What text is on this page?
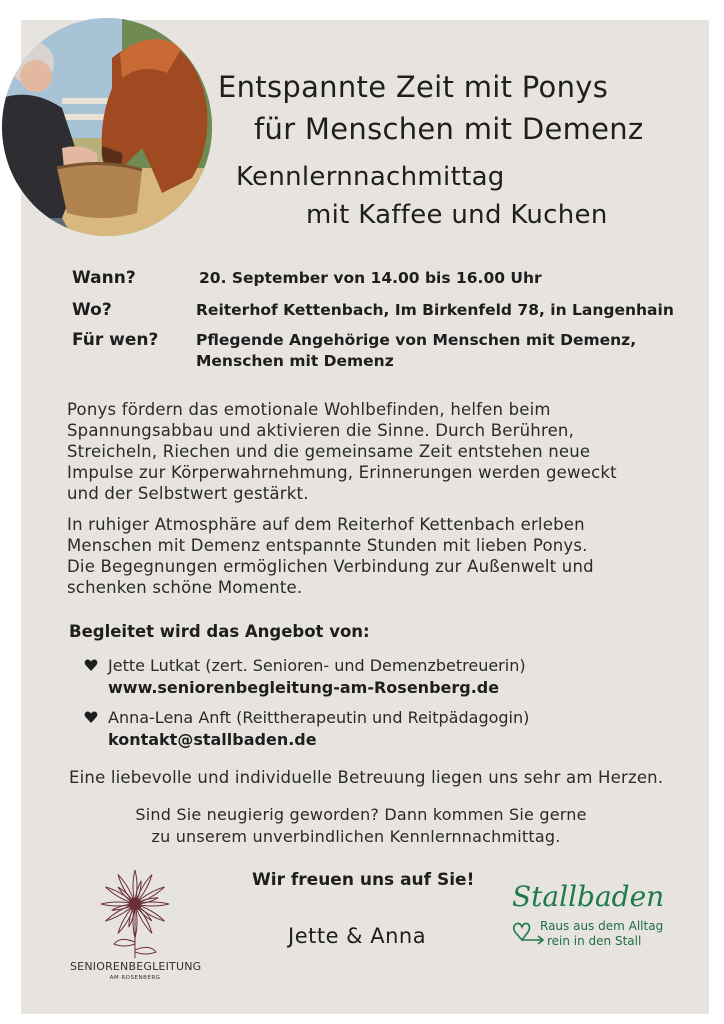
Entspannte Zeit mit Ponys
für Menschen mit Demenz
Kennlernnachmittag
mit Kaffee und Kuchen
Wann?	20. September von 14.00 bis 16.00 Uhr
Wo?	Reiterhof Kettenbach, Im Birkenfeld 78, in Langenhain
Für wen? Pflegende Angehörige von Menschen mit Demenz,
Menschen mit Demenz
Ponys fördern das emotionale Wohlbefinden, helfen beim
Spannungsabbau und aktivieren die Sinne. Durch Berühren,
Streicheln, Riechen und die gemeinsame Zeit entstehen neue
Impulse zur Körperwahrnehmung, Erinnerungen werden geweckt
und der Selbstwert gestärkt.
In ruhiger Atmosphäre auf dem Reiterhof Kettenbach erleben
Menschen mit Demenz entspannte Stunden mit lieben Ponys.
Die Begegnungen ermöglichen Verbindung zur Außenwelt und
schenken schöne Momente.
Begleitet wird das Angebot von:
Jette Lutkat (zert. Senioren- und Demenzbetreuerin)
www.seniorenbegleitung-am-Rosenberg.de
Anna-Lena Anft (Reittherapeutin und Reitpädagogin)
kontakt@stallbaden.de
Eine liebevolle und individuelle Betreuung liegen uns sehr am Herzen.
Sind Sie neugierig geworden? Dann kommen Sie gerne
zu unserem unverbindlichen Kennlernnachmittag.
Wir freuen uns auf Sie!
Jette & Anna
SENIORENBEGLEITUNG
AM ROSENBERG
Stallbaden
Raus aus dem Alltag
rein in den Stall
